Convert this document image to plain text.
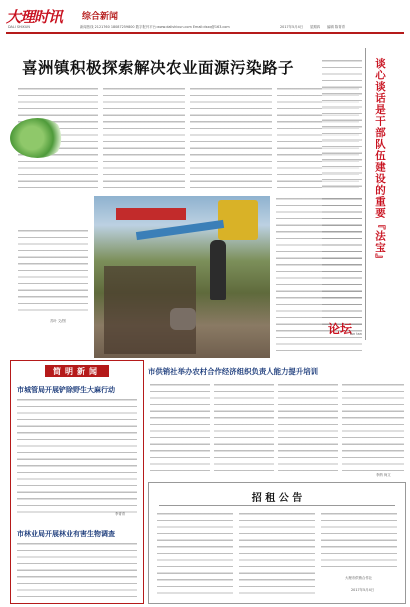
大理时讯 综合新闻
DALI SHIXUN	新闻热线 2121760 18087259800 数字报刊平台:www.dalishixun.com Email:dsxq@163.com	2017年5月4日 星期四 编辑 陈青青
喜洲镇积极探索解决农业面源污染路子
苏叶 文/图
谈心谈话是干部队伍建设的重要『法宝』
论坛
lun tan
简明新闻
市城管局开展铲除野生大麻行动
李青青
市林业局开展林业有害生物调查
市供销社举办农村合作经济组织负责人能力提升培训
李纳 尚文
招 租 公 告
大理市供销合作社
2017年5月4日
